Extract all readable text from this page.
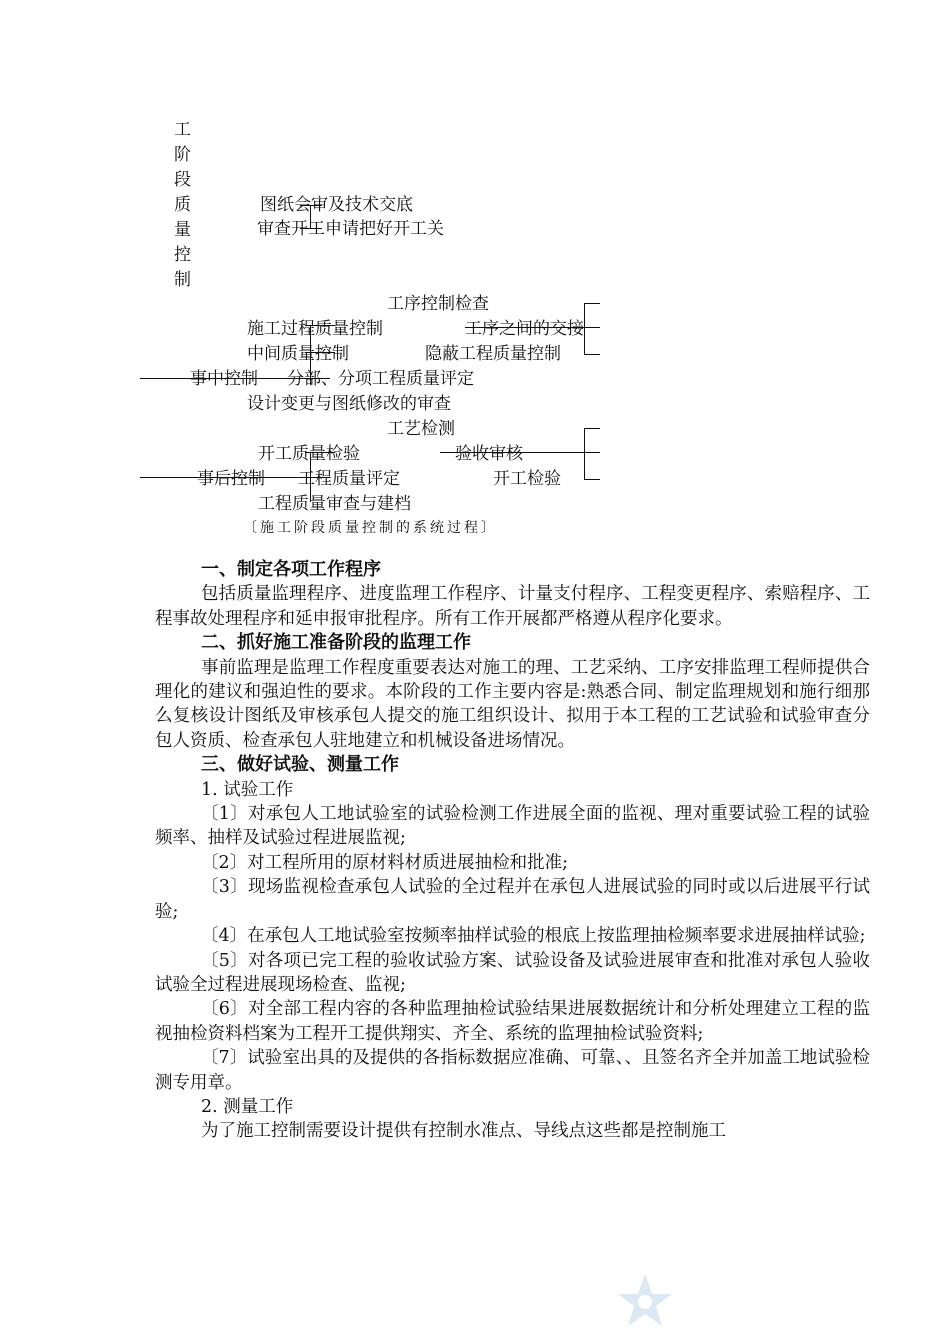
工
阶
段
质
量
控
制
图纸会审及技术交底
审查开工申请把好开工关
工序控制检查
施工过程质量控制	工序之间的交接
中间质量控制	隐蔽工程质量控制
事中控制 分部、分项工程质量评定
设计变更与图纸修改的审查
工艺检测
开工质量检验	验收审核
事后控制 工程质量评定	开工检验
工程质量审查与建档
〔施工阶段质量控制的系统过程〕
一、制定各项工作程序

包括质量监理程序、进度监理工作程序、计量支付程序、工程变更程序、索赔程序、工程事故处理程序和延申报审批程序。所有工作开展都严格遵从程序化要求。

二、抓好施工准备阶段的监理工作

事前监理是监理工作程度重要表达对施工的理、工艺采纳、工序安排监理工程师提供合理化的建议和强迫性的要求。本阶段的工作主要内容是:熟悉合同、制定监理规划和施行细那么复核设计图纸及审核承包人提交的施工组织设计、拟用于本工程的工艺试验和试验审查分包人资质、检查承包人驻地建立和机械设备进场情况。

三、做好试验、测量工作

1. 试验工作

〔1〕对承包人工地试验室的试验检测工作进展全面的监视、理对重要试验工程的试验频率、抽样及试验过程进展监视;

〔2〕对工程所用的原材料材质进展抽检和批准;

〔3〕现场监视检查承包人试验的全过程并在承包人进展试验的同时或以后进展平行试验;

〔4〕在承包人工地试验室按频率抽样试验的根底上按监理抽检频率要求进展抽样试验;

〔5〕对各项已完工程的验收试验方案、试验设备及试验进展审查和批准对承包人验收试验全过程进展现场检查、监视;

〔6〕对全部工程内容的各种监理抽检试验结果进展数据统计和分析处理建立工程的监视抽检资料档案为工程开工提供翔实、齐全、系统的监理抽检试验资料;

〔7〕试验室出具的及提供的各指标数据应准确、可靠、、且签名齐全并加盖工地试验检测专用章。

2. 测量工作

为了施工控制需要设计提供有控制水准点、导线点这些都是控制施工
